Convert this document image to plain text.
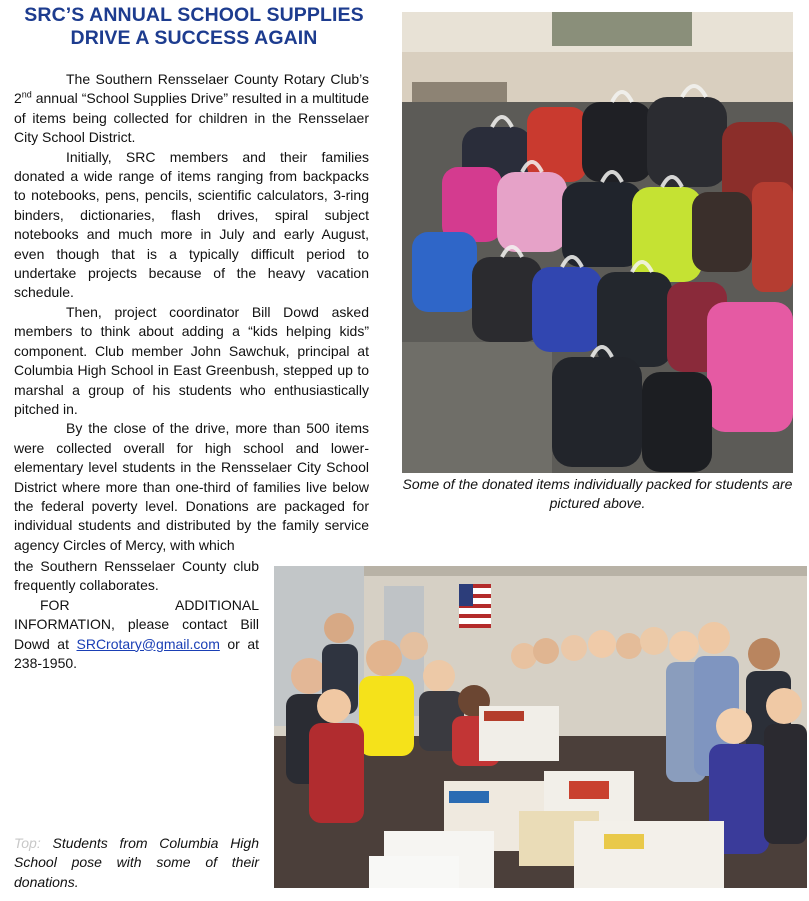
SRC’S ANNUAL SCHOOL SUPPLIES
DRIVE A SUCCESS AGAIN

The Southern Rensselaer County Rotary Club’s 2nd annual “School Supplies Drive” resulted in a multitude of items being collected for children in the Rensselaer City School District.

Initially, SRC members and their families donated a wide range of items ranging from backpacks to notebooks, pens, pencils, scientific calculators, 3-ring binders, dictionaries, flash drives, spiral subject notebooks and much more in July and early August, even though that is a typically difficult period to undertake projects because of the heavy vacation schedule.

Then, project coordinator Bill Dowd asked members to think about adding a “kids helping kids” component. Club member John Sawchuk, principal at Columbia High School in East Greenbush, stepped up to marshal a group of his students who enthusiastically pitched in.

By the close of the drive, more than 500 items were collected overall for high school and lower-elementary level students in the Rensselaer City School District where more than one-third of families live below the federal poverty level. Donations are packaged for individual students and distributed by the family service agency Circles of Mercy, with which

the Southern Rensselaer County club frequently collaborates.

FOR ADDITIONAL INFORMATION, please contact Bill Dowd at SRCrotary@gmail.com or at 238-1950.

Some of the donated items individually packed for students are pictured above.
Top: Students from Columbia High School pose with some of their donations.
